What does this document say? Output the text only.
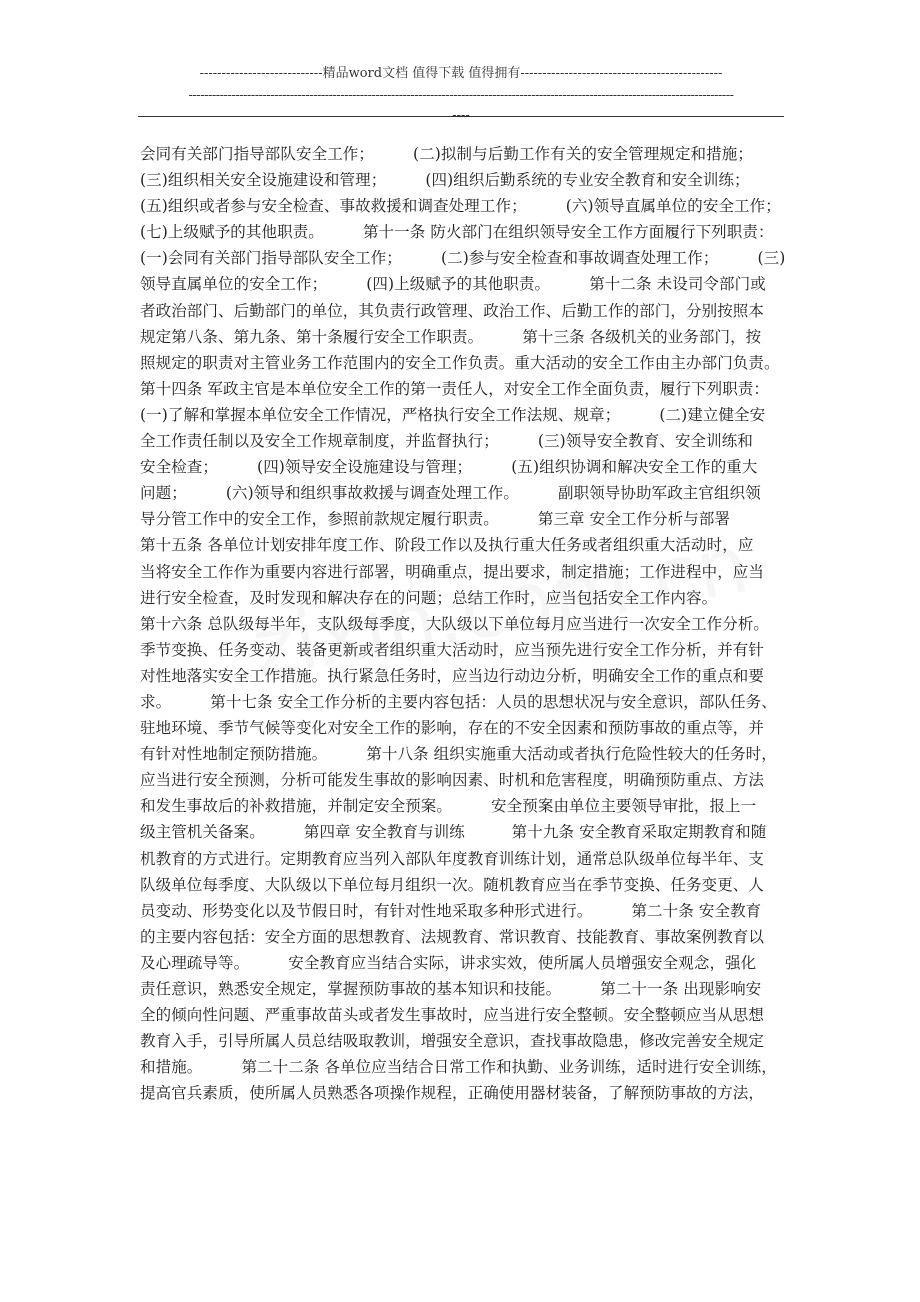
----------------------------精品word文档 值得下载 值得拥有----------------------------------------------
--------------------------------------------------------------------------------------------------------------------------------------------
----
会同有关部门指导部队安全工作；　　　(二)拟制与后勤工作有关的安全管理规定和措施；
(三)组织相关安全设施建设和管理；　　　(四)组织后勤系统的专业安全教育和安全训练；
(五)组织或者参与安全检查、事故救援和调查处理工作；　　　(六)领导直属单位的安全工作；
(七)上级赋予的其他职责。　　　第十一条 防火部门在组织领导安全工作方面履行下列职责：
(一)会同有关部门指导部队安全工作；　　　(二)参与安全检查和事故调查处理工作；　　　(三)
领导直属单位的安全工作；　　　(四)上级赋予的其他职责。　　　第十二条 未设司令部门或
者政治部门、后勤部门的单位，其负责行政管理、政治工作、后勤工作的部门，分别按照本
规定第八条、第九条、第十条履行安全工作职责。　　　第十三条 各级机关的业务部门，按
照规定的职责对主管业务工作范围内的安全工作负责。重大活动的安全工作由主办部门负责。
第十四条 军政主官是本单位安全工作的第一责任人，对安全工作全面负责，履行下列职责：
(一)了解和掌握本单位安全工作情况，严格执行安全工作法规、规章；　　　(二)建立健全安
全工作责任制以及安全工作规章制度，并监督执行；　　　(三)领导安全教育、安全训练和
安全检查；　　　(四)领导安全设施建设与管理；　　　(五)组织协调和解决安全工作的重大
问题；　　　(六)领导和组织事故救援与调查处理工作。　　　副职领导协助军政主官组织领
导分管工作中的安全工作，参照前款规定履行职责。　　　第三章 安全工作分析与部署
第十五条 各单位计划安排年度工作、阶段工作以及执行重大任务或者组织重大活动时，应
当将安全工作作为重要内容进行部署，明确重点，提出要求，制定措施；工作进程中，应当
进行安全检查，及时发现和解决存在的问题；总结工作时，应当包括安全工作内容。
第十六条 总队级每半年，支队级每季度，大队级以下单位每月应当进行一次安全工作分析。
季节变换、任务变动、装备更新或者组织重大活动时，应当预先进行安全工作分析，并有针
对性地落实安全工作措施。执行紧急任务时，应当边行动边分析，明确安全工作的重点和要
求。　　　第十七条 安全工作分析的主要内容包括：人员的思想状况与安全意识，部队任务、
驻地环境、季节气候等变化对安全工作的影响，存在的不安全因素和预防事故的重点等，并
有针对性地制定预防措施。　　　第十八条 组织实施重大活动或者执行危险性较大的任务时，
应当进行安全预测，分析可能发生事故的影响因素、时机和危害程度，明确预防重点、方法
和发生事故后的补救措施，并制定安全预案。　　　安全预案由单位主要领导审批，报上一
级主管机关备案。　　　第四章 安全教育与训练　　　第十九条 安全教育采取定期教育和随
机教育的方式进行。定期教育应当列入部队年度教育训练计划，通常总队级单位每半年、支
队级单位每季度、大队级以下单位每月组织一次。随机教育应当在季节变换、任务变更、人
员变动、形势变化以及节假日时，有针对性地采取多种形式进行。　　　第二十条 安全教育
的主要内容包括：安全方面的思想教育、法规教育、常识教育、技能教育、事故案例教育以
及心理疏导等。　　　安全教育应当结合实际，讲求实效，使所属人员增强安全观念，强化
责任意识，熟悉安全规定，掌握预防事故的基本知识和技能。　　　第二十一条 出现影响安
全的倾向性问题、严重事故苗头或者发生事故时，应当进行安全整顿。安全整顿应当从思想
教育入手，引导所属人员总结吸取教训，增强安全意识，查找事故隐患，修改完善安全规定
和措施。　　　第二十二条 各单位应当结合日常工作和执勤、业务训练，适时进行安全训练，
提高官兵素质，使所属人员熟悉各项操作规程，正确使用器材装备，了解预防事故的方法，
